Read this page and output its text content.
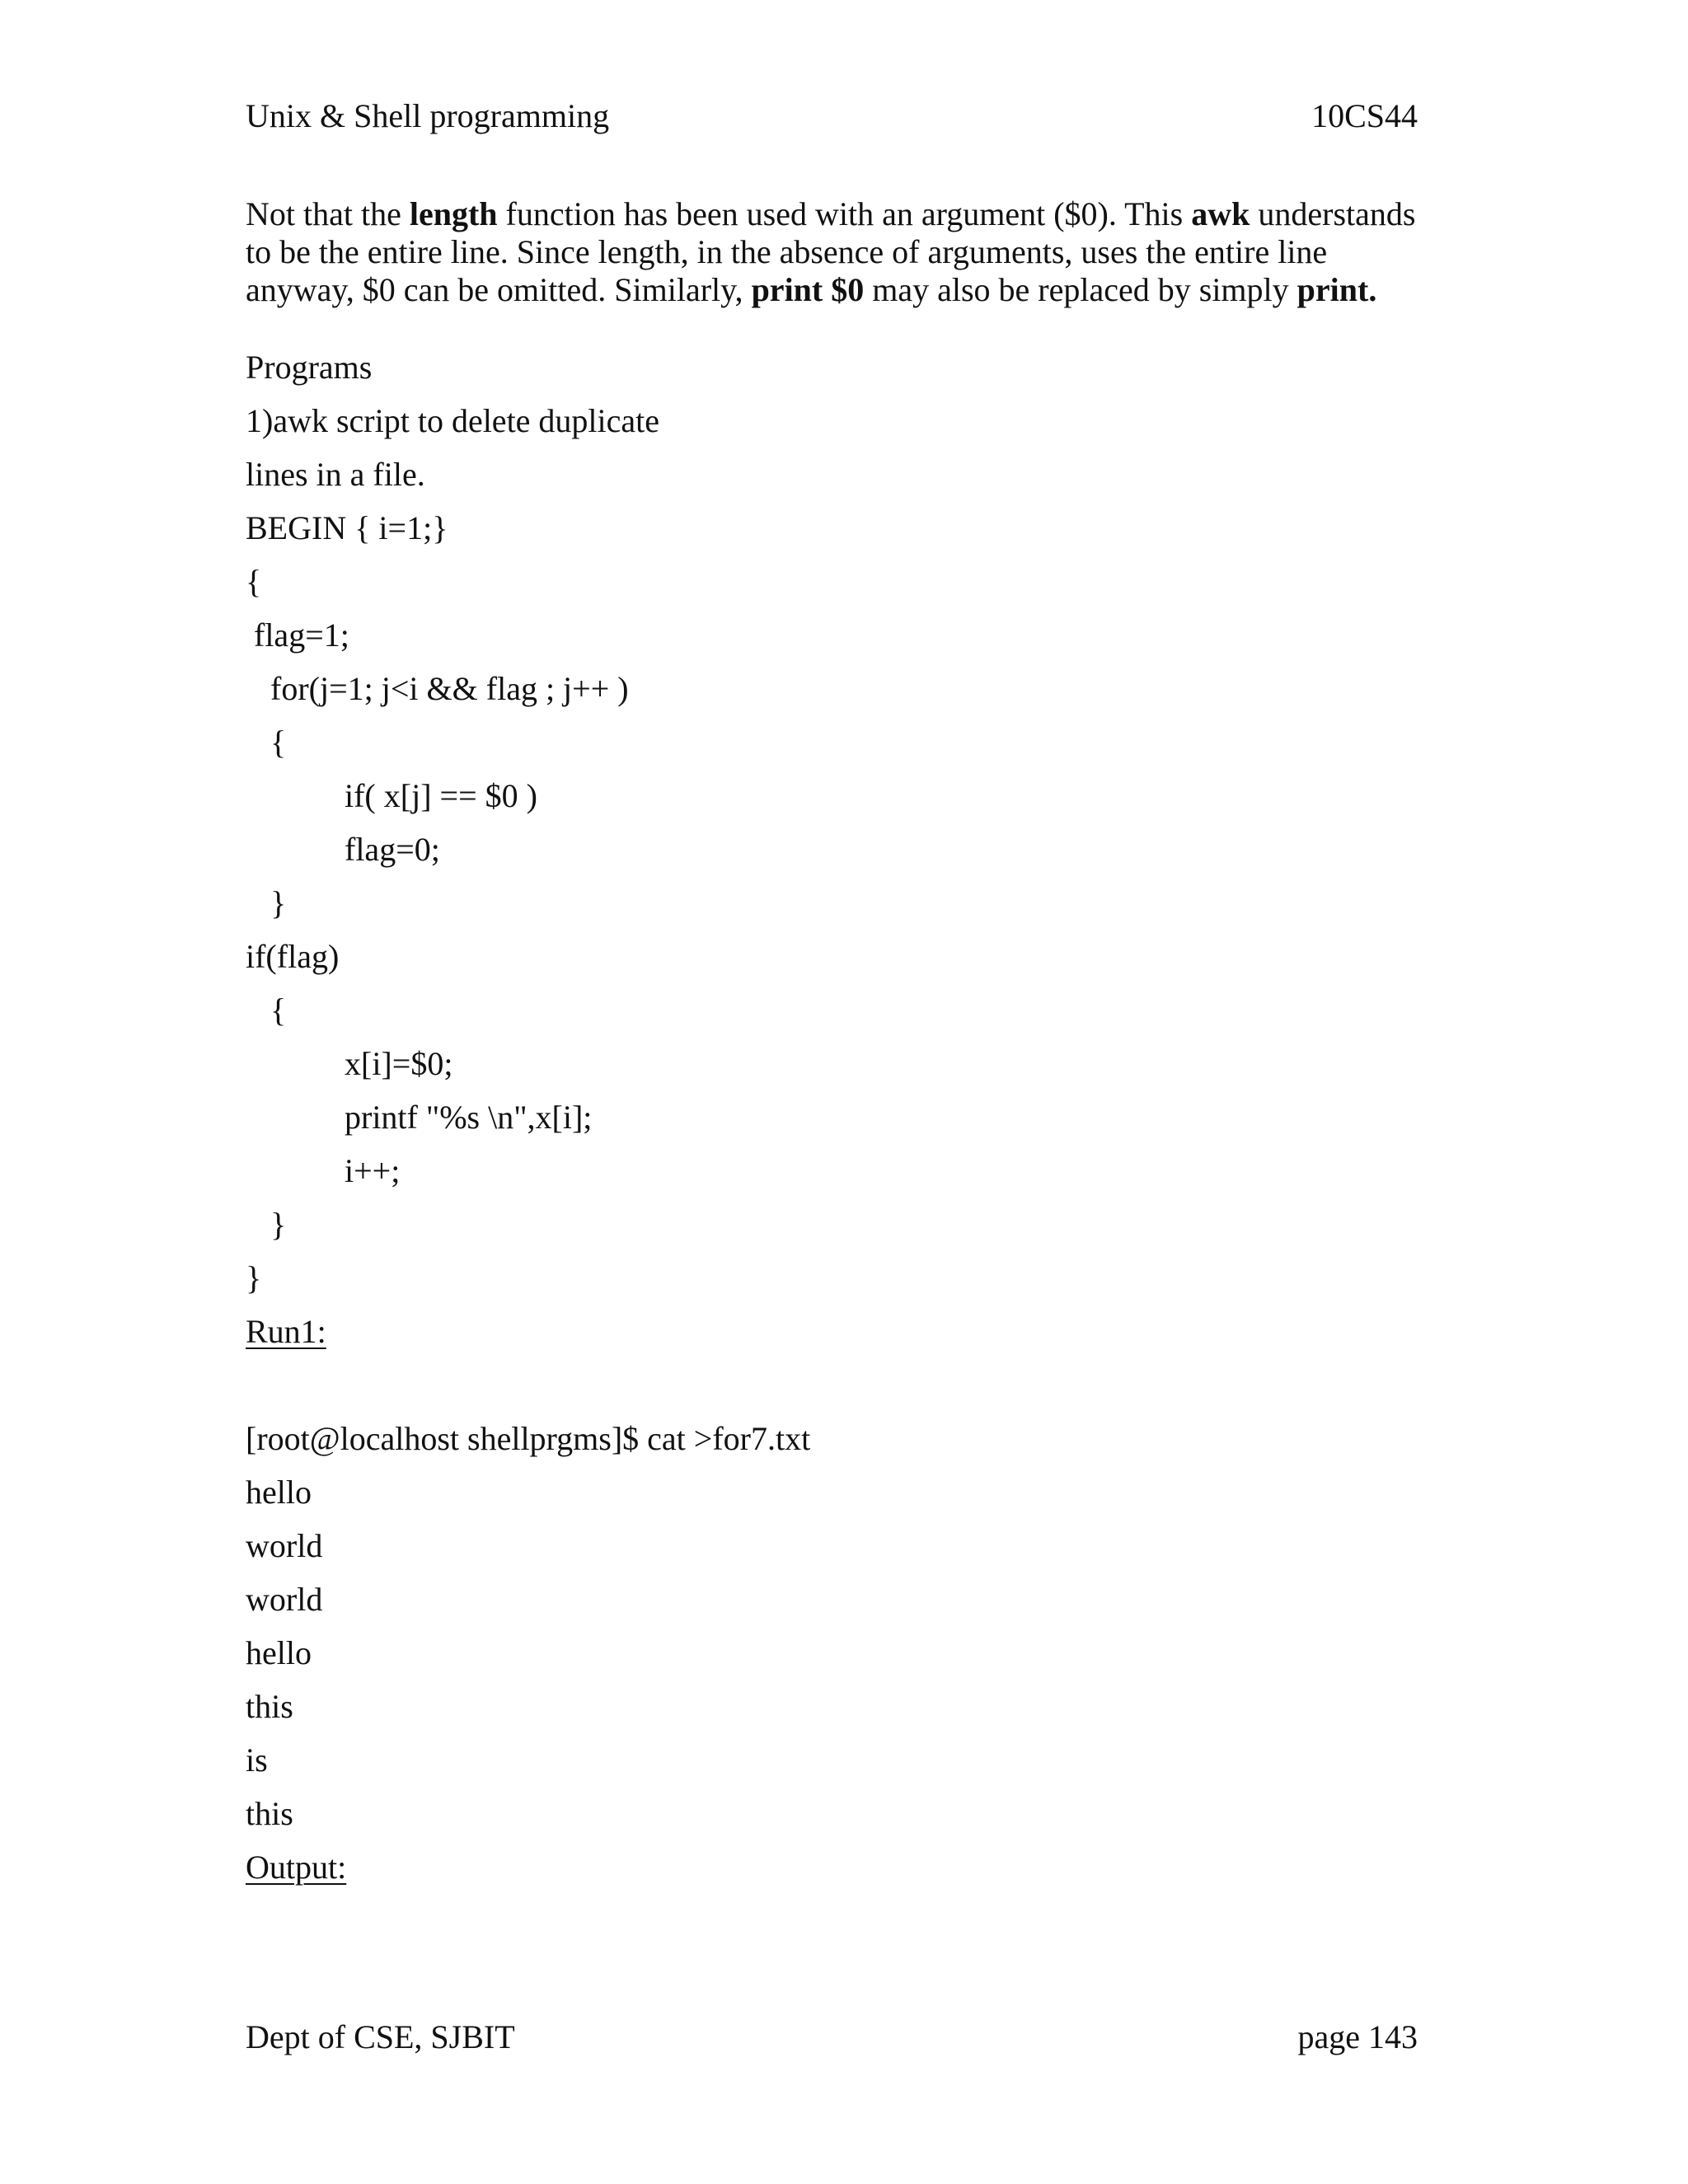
Unix & Shell programming	10CS44
Not that the length function has been used with an argument ($0). This awk understands to be the entire line. Since length, in the absence of arguments, uses the entire line anyway, $0 can be omitted. Similarly, print $0 may also be replaced by simply print.
Programs
1)awk script to delete duplicate
lines in a file.
BEGIN { i=1;}
{
flag=1;
for(j=1; j<i && flag ; j++ )
{
if( x[j] == $0 )
flag=0;
}
if(flag)
{
x[i]=$0;
printf "%s \n",x[i];
i++;
}
}
Run1:
[root@localhost shellprgms]$ cat >for7.txt
hello
world
world
hello
this
is
this
Output:
Dept of CSE, SJBIT	page 143
